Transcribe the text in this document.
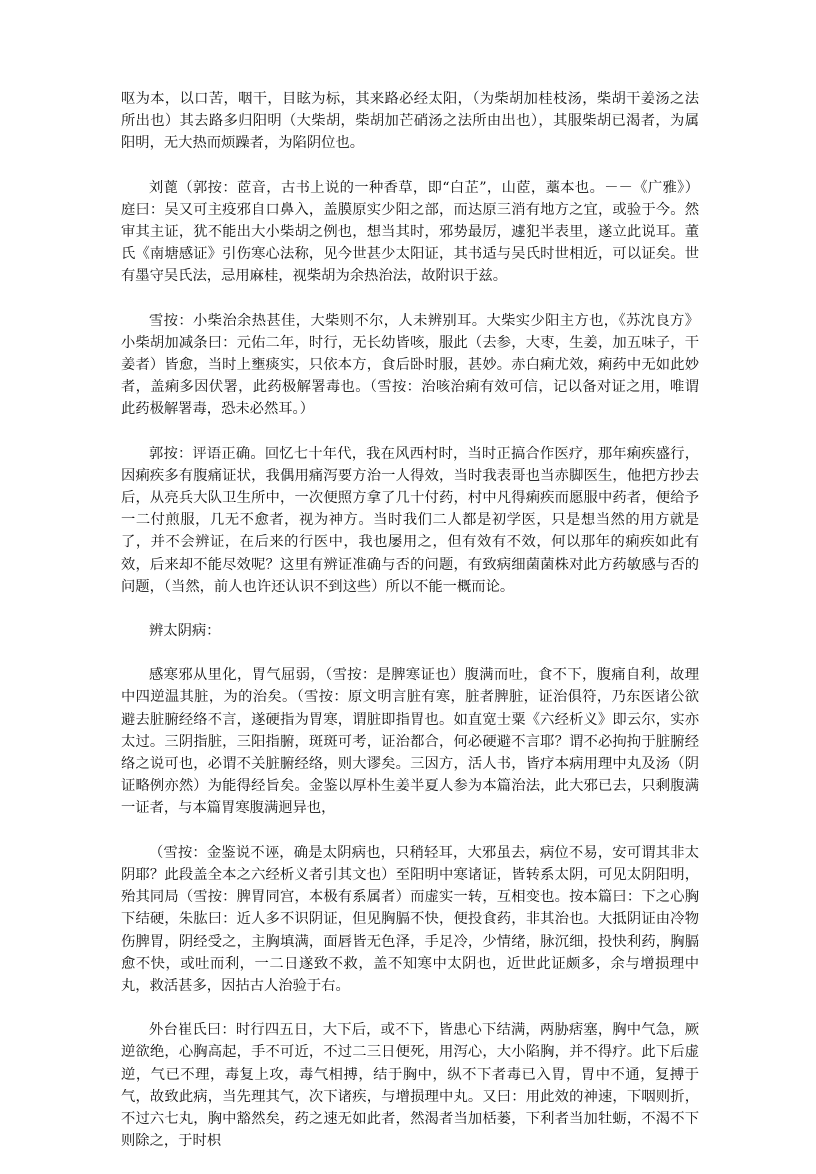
呕为本，以口苦，咽干，目眩为标，其来路必经太阳，（为柴胡加桂枝汤，柴胡干姜汤之法所出也）其去路多归阳明（大柴胡，柴胡加芒硝汤之法所由出也），其服柴胡已渴者，为属阳明，无大热而烦躁者，为陷阴位也。

刘蓖（郭按：茝音，古书上说的一种香草，即“白芷”，山茝，藁本也。－－《广雅》）庭曰：吴又可主疫邪自口鼻入，盖膜原实少阳之部，而达原三消有地方之宜，或验于今。然审其主证，犹不能出大小柴胡之例也，想当其时，邪势最厉，遽犯半表里，遂立此说耳。董氏《南塘感证》引伤寒心法称，见今世甚少太阳证，其书适与吴氏时世相近，可以证矣。世有墨守吴氏法，忌用麻桂，视柴胡为余热治法，故附识于兹。

雪按：小柴治余热甚佳，大柴则不尔，人未辨别耳。大柴实少阳主方也，《苏沈良方》小柴胡加减条曰：元佑二年，时行，无长幼皆咳，服此（去参，大枣，生姜，加五味子，干姜者）皆愈，当时上壅痰实，只依本方，食后卧时服，甚妙。赤白痢尤效，痢药中无如此妙者，盖痢多因伏署，此药极解署毒也。（雪按：治咳治痢有效可信，记以备对证之用，唯谓此药极解署毒，恐未必然耳。）

郭按：评语正确。回忆七十年代，我在风西村时，当时正搞合作医疗，那年痢疾盛行，因痢疾多有腹痛证状，我偶用痛泻要方治一人得效，当时我表哥也当赤脚医生，他把方抄去后，从亮兵大队卫生所中，一次便照方拿了几十付药，村中凡得痢疾而愿服中药者，便给予一二付煎服，几无不愈者，视为神方。当时我们二人都是初学医，只是想当然的用方就是了，并不会辨证，在后来的行医中，我也屡用之，但有效有不效，何以那年的痢疾如此有效，后来却不能尽效呢？这里有辨证准确与否的问题，有致病细菌菌株对此方药敏感与否的问题，（当然，前人也许还认识不到这些）所以不能一概而论。

辨太阴病：

感寒邪从里化，胃气屈弱，（雪按：是脾寒证也）腹满而吐，食不下，腹痛自利，故理中四逆温其脏，为的治矣。（雪按：原文明言脏有寒，脏者脾脏，证治俱符，乃东医诸公欲避去脏腑经络不言，遂硬指为胃寒，谓脏即指胃也。如直宽士粟《六经析义》即云尔，实亦太过。三阴指脏，三阳指腑，斑斑可考，证治都合，何必硬避不言耶？谓不必拘拘于脏腑经络之说可也，必谓不关脏腑经络，则大谬矣。三因方，活人书，皆疗本病用理中丸及汤（阴证略例亦然）为能得经旨矣。金鉴以厚朴生姜半夏人参为本篇治法，此大邪已去，只剩腹满一证者，与本篇胃寒腹满迥异也，

（雪按：金鉴说不诬，确是太阴病也，只稍轻耳，大邪虽去，病位不易，安可谓其非太阴耶？此段盖全本之六经析义者引其文也）至阳明中寒诸证，皆转系太阴，可见太阴阳明，殆其同局（雪按：脾胃同宫，本极有系属者）而虚实一转，互相变也。按本篇曰：下之心胸下结硬，朱肱曰：近人多不识阴证，但见胸膈不快，便投食药，非其治也。大抵阴证由冷物伤脾胃，阴经受之，主胸填满，面唇皆无色泽，手足冷，少情绪，脉沉细，投快利药，胸膈愈不快，或吐而利，一二日遂致不救，盖不知寒中太阴也，近世此证颇多，余与增损理中丸，救活甚多，因拈古人治验于右。

外台崔氏曰：时行四五日，大下后，或不下，皆患心下结满，两胁痞塞，胸中气急，厥逆欲绝，心胸高起，手不可近，不过二三日便死，用泻心，大小陷胸，并不得疗。此下后虚逆，气已不理，毒复上攻，毒气相搏，结于胸中，纵不下者毒已入胃，胃中不通，复搏于气，故致此病，当先理其气，次下诸疾，与增损理中丸。又曰：用此效的神速，下咽则折，不过六七丸，胸中豁然矣，药之速无如此者，然渴者当加栝蒌，下利者当加牡蛎，不渴不下则除之，于时枳
